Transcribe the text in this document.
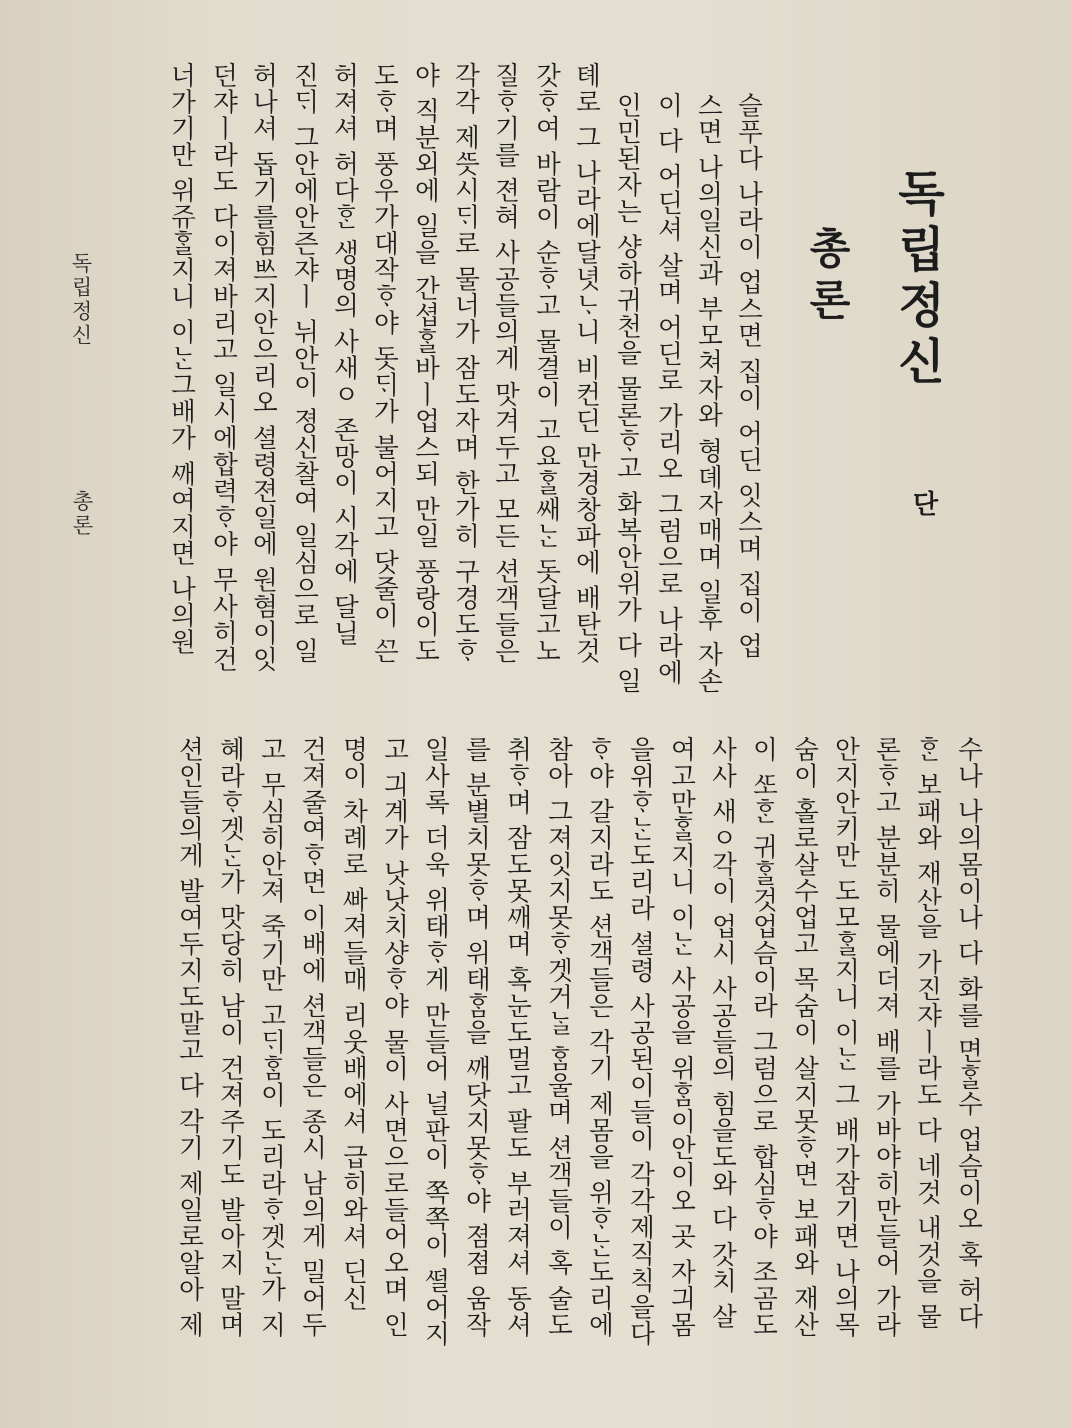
독립정신
단
총론
슬푸다 나라이 업스면 집이 어딘 잇스며 집이 업
스면 나의일신과 부모쳐자와 형뎨자매며 일후 자손
이 다 어딘셔 살며 어딘로 가리오 그럼으로 나라에
인민된자는 샹하귀천을 물론ᄒᆞ고 화복안위가 다 일
톄로 그 나라에달녓ᄂᆞ니 비컨딘 만경창파에 배탄것
갓ᄒᆞ여 바람이 순ᄒᆞ고 물결이 고요ᄒᆞᆯ쌔ᄂᆞᆫ 돗달고노
질ᄒᆞ기를 젼혀 사공들의게 맛겨두고 모든 션객들은
각각 제ᄯᅳᆺ시ᄃᆡ로 물너가 잠도자며 한가히 구경도ᄒᆞ
야 직분외에 일을 간셥ᄒᆞᆯ바ㅣ업스되 만일 풍랑이도
도ᄒᆞ며 풍우가대작ᄒᆞ야 돗ᄃᆡ가 불어지고 닷줄이 ᄭᅳᆫ
허져셔 허다ᄒᆞᆫ 생명의 사새ㅇ 존망이 시각에 달닐
진ᄃᆡ 그안에안즌쟈ㅣ 뉘안이 졍신찰여 일심으로 일
허나셔 돕기를힘ᄡᅳ지안으리오 셜령젼일에 원혐이잇
던쟈ㅣ라도 다이져바리고 일시에합력ᄒᆞ야 무사히건
너가기만 위쥬ᄒᆞᆯ지니 이ᄂᆞᆫ그배가 ᄭᅢ여지면 나의원
수나 나의몸이나 다 화를 면ᄒᆞᆯ수 업슴이오 혹 허다
ᄒᆞᆫ 보패와 재산을 가진쟈ㅣ라도 다 네것 내것을 물
론ᄒᆞ고 분분히 물에더져 배를 가바야히만들어 가라
안지안키만 도모ᄒᆞᆯ지니 이ᄂᆞᆫ 그 배가잠기면 나의목
숨이 홀로살수업고 목숨이 살지못ᄒᆞ면 보패와 재산
이 ᄯᅩᄒᆞᆫ 귀ᄒᆞᆯ것업슴이라 그럼으로 합심ᄒᆞ야 조곰도
사사 새ㅇ각이 업시 사공들의 힘을도와 다 갓치 살
여고만ᄒᆞᆯ지니 이ᄂᆞᆫ 사공을 위ᄒᆞᆷ이안이오 곳 자긔몸
을위ᄒᆞᄂᆞᆫ도리라 셜령 사공된이들이 각각제직칙을다
ᄒᆞ야 갈지라도 션객들은 각기 제몸을 위ᄒᆞᄂᆞᆫ도리에
참아 그져잇지못ᄒᆞ겟거ᄂᆞᆯ ᄒᆞᆷ울며 션객들이 혹 술도
취ᄒᆞ며 잠도못ᄭᅢ며 혹눈도멀고 팔도 부러져셔 동셔
를 분별치못ᄒᆞ며 위태ᄒᆞᆷ을 ᄭᅢ닷지못ᄒᆞ야 졈졈 움작
일사록 더욱 위태ᄒᆞ게 만들어 널판이 쪽쪽이 ᄯᅥᆯ어지
고 긔계가 낫낫치샹ᄒᆞ야 물이 사면으로들어오며 인
명이 차례로 ᄲᅡ져들매 리웃배에셔 급히와셔 딘신
건져줄여ᄒᆞ면 이배에 션객들은 종시 남의게 밀어두
고 무심히안져 죽기만 고ᄃᆡᄒᆞᆷ이 도리라ᄒᆞ겟ᄂᆞᆫ가 지
혜라ᄒᆞ겟ᄂᆞᆫ가 맛당히 남이 건져주기도 발아지 말며
션인들의게 발여두지도말고 다 각기 제일로알아 제
독립정신
총론
